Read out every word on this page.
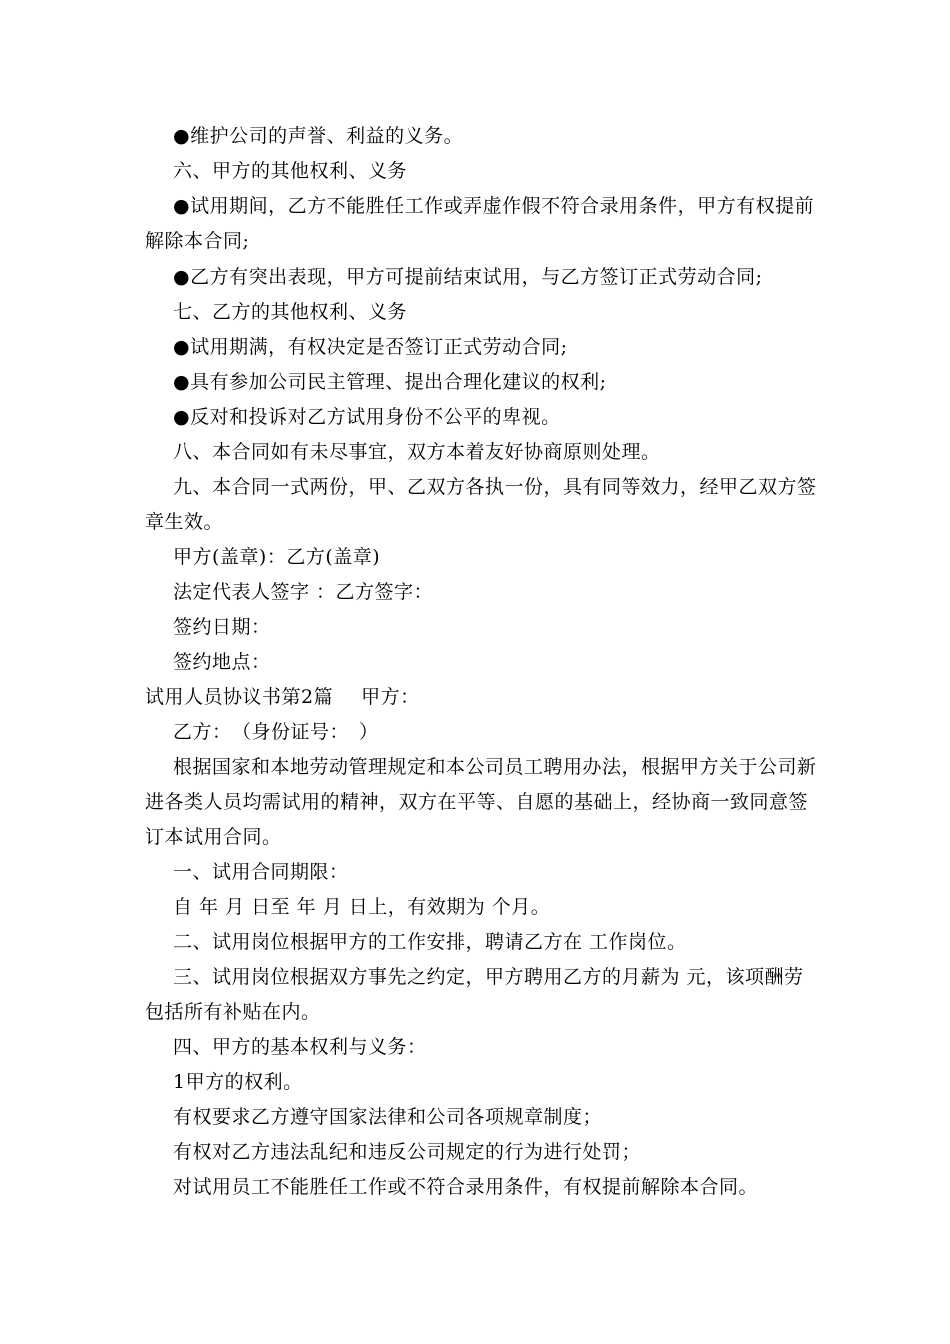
●维护公司的声誉、利益的义务。
六、甲方的其他权利、义务
●试用期间，乙方不能胜任工作或弄虚作假不符合录用条件，甲方有权提前
解除本合同;
●乙方有突出表现，甲方可提前结束试用，与乙方签订正式劳动合同;
七、乙方的其他权利、义务
●试用期满，有权决定是否签订正式劳动合同;
●具有参加公司民主管理、提出合理化建议的权利;
●反对和投诉对乙方试用身份不公平的卑视。
八、本合同如有未尽事宜，双方本着友好协商原则处理。
九、本合同一式两份，甲、乙双方各执一份，具有同等效力，经甲乙双方签
章生效。
甲方(盖章)：乙方(盖章)
法定代表人签字 ：乙方签字：
签约日期：
签约地点：
试用人员协议书第2篇 甲方：
乙方：　（身份证号：　）
根据国家和本地劳动管理规定和本公司员工聘用办法，根据甲方关于公司新
进各类人员均需试用的精神，双方在平等、自愿的基础上，经协商一致同意签
订本试用合同。
一、试用合同期限：
自 年 月 日至 年 月 日上，有效期为 个月。
二、试用岗位根据甲方的工作安排，聘请乙方在 工作岗位。
三、试用岗位根据双方事先之约定，甲方聘用乙方的月薪为 元，该项酬劳
包括所有补贴在内。
四、甲方的基本权利与义务：
1甲方的权利。
有权要求乙方遵守国家法律和公司各项规章制度；
有权对乙方违法乱纪和违反公司规定的行为进行处罚；
对试用员工不能胜任工作或不符合录用条件，有权提前解除本合同。
